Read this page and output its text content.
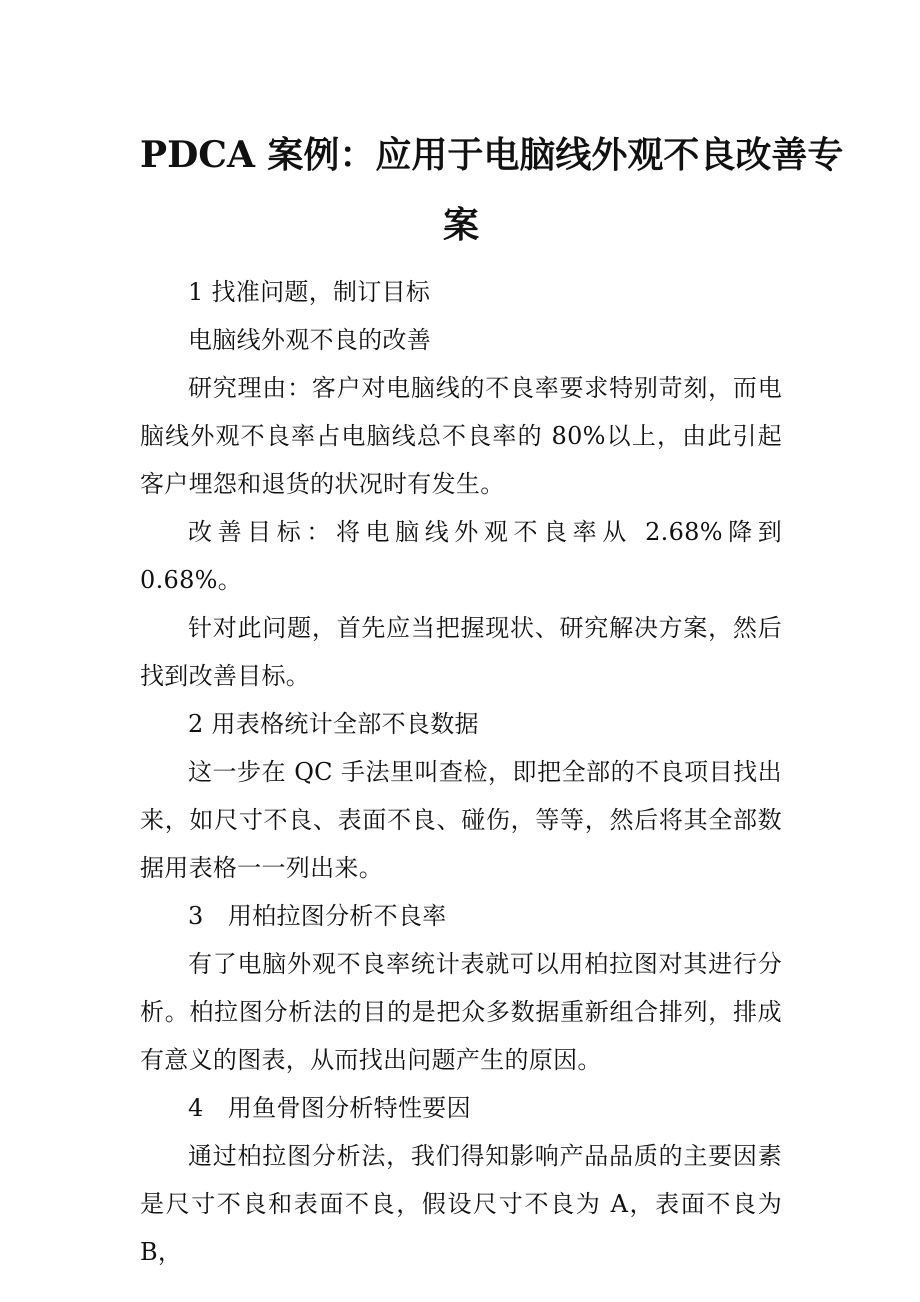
PDCA 案例：应用于电脑线外观不良改善专
案

1 找准问题，制订目标

电脑线外观不良的改善

研究理由：客户对电脑线的不良率要求特别苛刻，而电脑线外观不良率占电脑线总不良率的 80%以上，由此引起客户埋怨和退货的状况时有发生。

改善目标：将电脑线外观不良率从 2.68%降到 0.68%。

针对此问题，首先应当把握现状、研究解决方案，然后找到改善目标。

2 用表格统计全部不良数据

这一步在 QC 手法里叫查检，即把全部的不良项目找出来，如尺寸不良、表面不良、碰伤，等等，然后将其全部数据用表格一一列出来。

3　用柏拉图分析不良率

有了电脑外观不良率统计表就可以用柏拉图对其进行分析。柏拉图分析法的目的是把众多数据重新组合排列，排成有意义的图表，从而找出问题产生的原因。

4　用鱼骨图分析特性要因

通过柏拉图分析法，我们得知影响产品品质的主要因素是尺寸不良和表面不良，假设尺寸不良为 A，表面不良为 B，
